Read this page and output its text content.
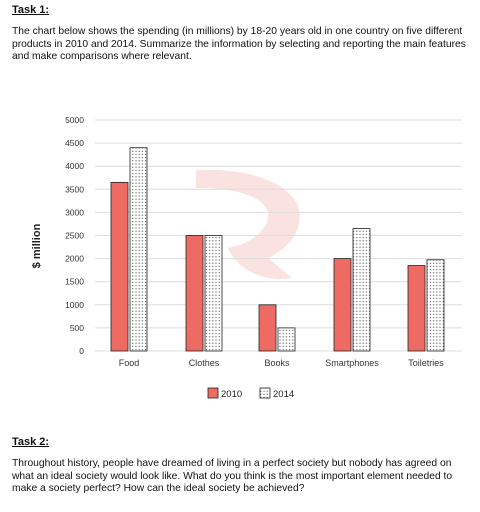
Task 1:
The chart below shows the spending (in millions) by 18-20 years old in one country on five different products in 2010 and 2014. Summarize the information by selecting and reporting the main features and make comparisons where relevant.
0
500
1000
1500
2000
2500
3000
3500
4000
4500
5000
Food	Clothes	Books	Smartphones	Toiletries
$ million
2010	2014
Task 2:
Throughout history, people have dreamed of living in a perfect society but nobody has agreed on what an ideal society would look like. What do you think is the most important element needed to make a society perfect? How can the ideal society be achieved?
